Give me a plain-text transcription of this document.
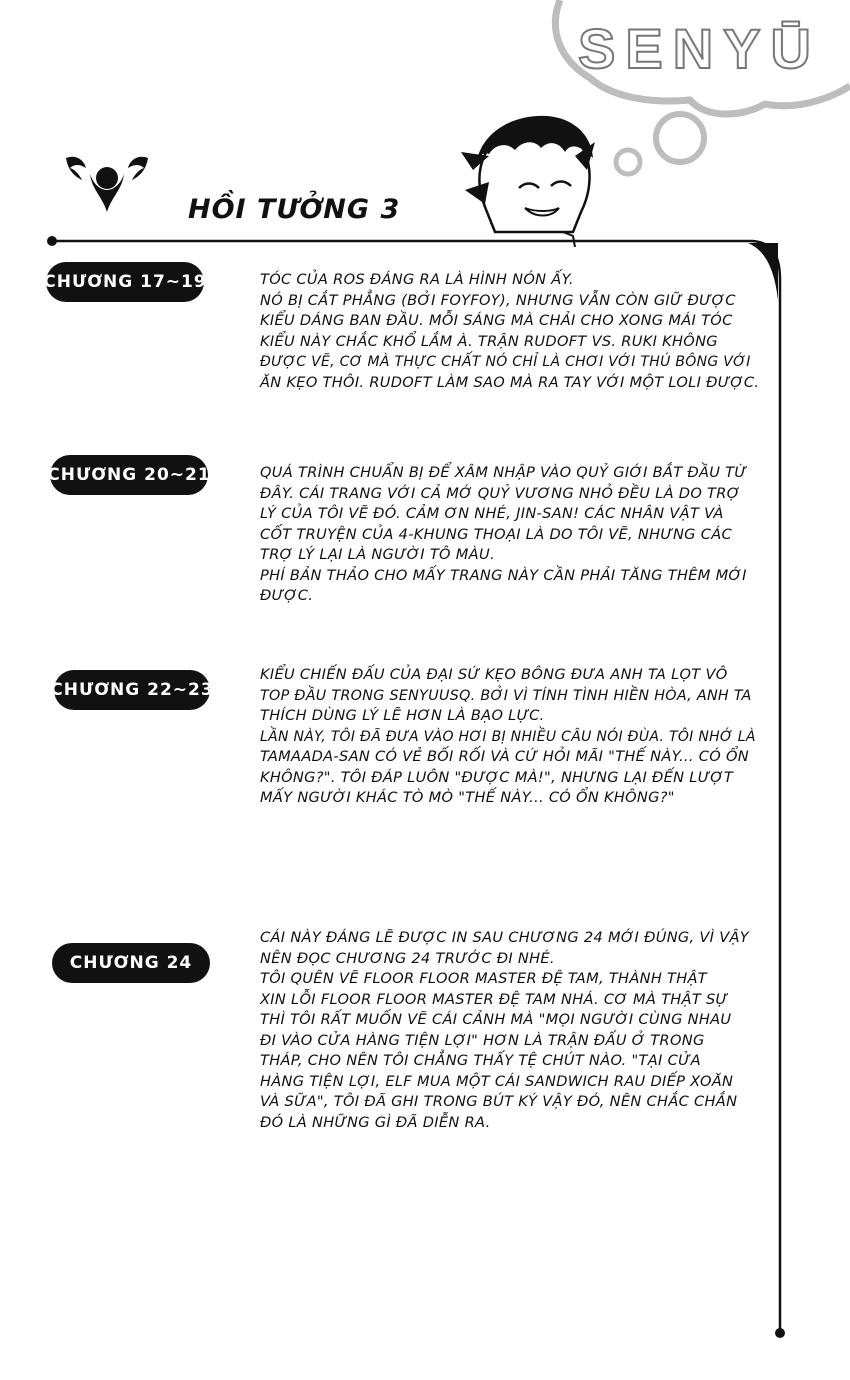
SENYŪ
HỒI TƯỞNG 3
CHƯƠNG 17~19	TÓC CỦA ROS ĐÁNG RA LÀ HÌNH NÓN ẤY.
NÓ BỊ CẮT PHẲNG (BỞI FOYFOY), NHƯNG VẪN CÒN GIỮ ĐƯỢC
KIỂU DÁNG BAN ĐẦU. MỖI SÁNG MÀ CHẢI CHO XONG MÁI TÓC
KIỂU NÀY CHẮC KHỔ LẮM À. TRẬN RUDOFT VS. RUKI KHÔNG
ĐƯỢC VẼ, CƠ MÀ THỰC CHẤT NÓ CHỈ LÀ CHƠI VỚI THÚ BÔNG VỚI
ĂN KẸO THÔI. RUDOFT LÀM SAO MÀ RA TAY VỚI MỘT LOLI ĐƯỢC.
CHƯƠNG 20~21	QUÁ TRÌNH CHUẨN BỊ ĐỂ XÂM NHẬP VÀO QUỶ GIỚI BẮT ĐẦU TỪ
ĐÂY. CÁI TRANG VỚI CẢ MỚ QUỶ VƯƠNG NHỎ ĐỀU LÀ DO TRỢ
LÝ CỦA TÔI VẼ ĐÓ. CẢM ƠN NHÉ, JIN-SAN! CÁC NHÂN VẬT VÀ
CỐT TRUYỆN CỦA 4-KHUNG THOẠI LÀ DO TÔI VẼ, NHƯNG CÁC
TRỢ LÝ LẠI LÀ NGƯỜI TÔ MÀU.
PHÍ BẢN THẢO CHO MẤY TRANG NÀY CẦN PHẢI TĂNG THÊM MỚI
ĐƯỢC.
CHƯƠNG 22~23
KIỂU CHIẾN ĐẤU CỦA ĐẠI SỨ KẸO BÔNG ĐƯA ANH TA LỌT VÔ
TOP ĐẦU TRONG SENYUUSQ. BỞI VÌ TÍNH TÌNH HIỀN HÒA, ANH TA
THÍCH DÙNG LÝ LẼ HƠN LÀ BẠO LỰC.
LẦN NÀY, TÔI ĐÃ ĐƯA VÀO HƠI BỊ NHIỀU CÂU NÓI ĐÙA. TÔI NHỚ LÀ
TAMAADA-SAN CÓ VẺ BỐI RỐI VÀ CỨ HỎI MÃI "THẾ NÀY... CÓ ỔN
KHÔNG?". TÔI ĐÁP LUÔN "ĐƯỢC MÀ!", NHƯNG LẠI ĐẾN LƯỢT
MẤY NGƯỜI KHÁC TÒ MÒ "THẾ NÀY... CÓ ỔN KHÔNG?"
CHƯƠNG 24
CÁI NÀY ĐÁNG LẼ ĐƯỢC IN SAU CHƯƠNG 24 MỚI ĐÚNG, VÌ VẬY
NÊN ĐỌC CHƯƠNG 24 TRƯỚC ĐI NHÉ.
TÔI QUÊN VẼ FLOOR FLOOR MASTER ĐỆ TAM, THÀNH THẬT
XIN LỖI FLOOR FLOOR MASTER ĐỆ TAM NHÁ. CƠ MÀ THẬT SỰ
THÌ TÔI RẤT MUỐN VẼ CÁI CẢNH MÀ "MỌI NGƯỜI CÙNG NHAU
ĐI VÀO CỬA HÀNG TIỆN LỢI" HƠN LÀ TRẬN ĐẤU Ở TRONG
THÁP, CHO NÊN TÔI CHẲNG THẤY TỆ CHÚT NÀO. "TẠI CỬA
HÀNG TIỆN LỢI, ELF MUA MỘT CÁI SANDWICH RAU DIẾP XOĂN
VÀ SỮA", TÔI ĐÃ GHI TRONG BÚT KÝ VẬY ĐÓ, NÊN CHẮC CHẮN
ĐÓ LÀ NHỮNG GÌ ĐÃ DIỄN RA.
